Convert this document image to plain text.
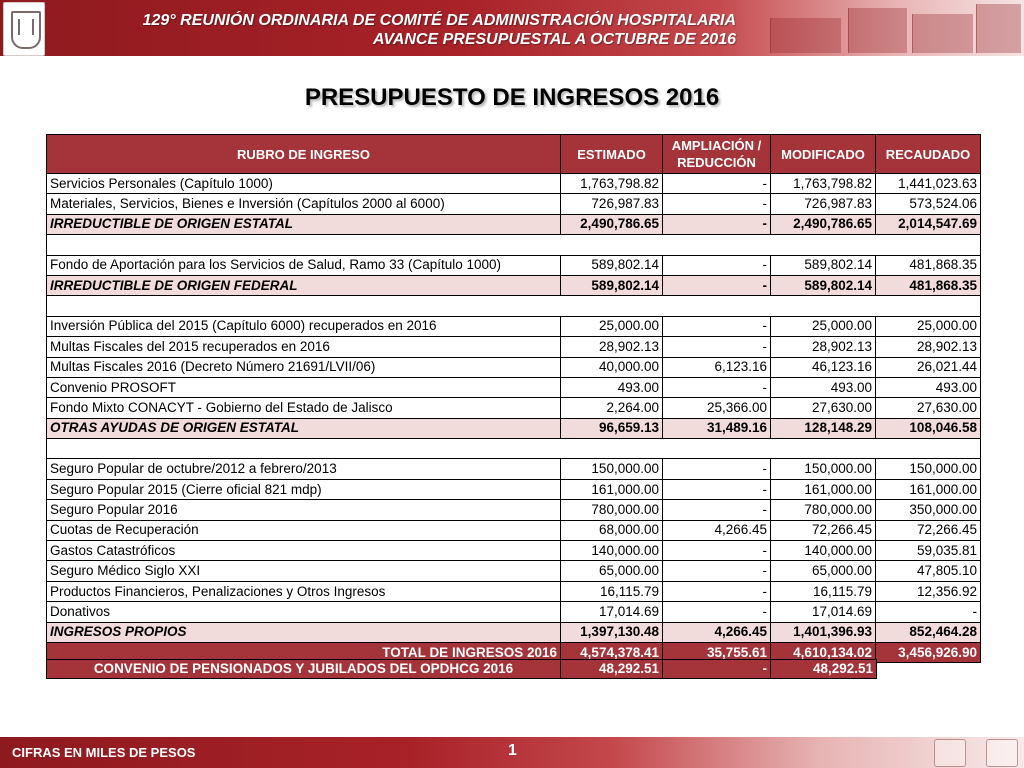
129° REUNIÓN ORDINARIA DE COMITÉ DE ADMINISTRACIÓN HOSPITALARIA
AVANCE PRESUPUESTAL A OCTUBRE DE 2016
PRESUPUESTO DE INGRESOS 2016
RUBRO DE INGRESO	ESTIMADO	AMPLIACIÓN / REDUCCIÓN	MODIFICADO	RECAUDADO
Servicios Personales (Capítulo 1000)	1,763,798.82	-	1,763,798.82	1,441,023.63
Materiales, Servicios, Bienes e Inversión (Capítulos 2000 al 6000)	726,987.83	-	726,987.83	573,524.06
IRREDUCTIBLE DE ORIGEN ESTATAL	2,490,786.65	-	2,490,786.65	2,014,547.69

Fondo de Aportación para los Servicios de Salud, Ramo 33 (Capítulo 1000)	589,802.14	-	589,802.14	481,868.35
IRREDUCTIBLE DE ORIGEN FEDERAL	589,802.14	-	589,802.14	481,868.35

Inversión Pública del 2015 (Capítulo 6000) recuperados en 2016	25,000.00	-	25,000.00	25,000.00
Multas Fiscales del 2015 recuperados en 2016	28,902.13	-	28,902.13	28,902.13
Multas Fiscales 2016 (Decreto Número 21691/LVII/06)	40,000.00	6,123.16	46,123.16	26,021.44
Convenio PROSOFT	493.00	-	493.00	493.00
Fondo Mixto CONACYT - Gobierno del Estado de Jalisco	2,264.00	25,366.00	27,630.00	27,630.00
OTRAS AYUDAS DE ORIGEN ESTATAL	96,659.13	31,489.16	128,148.29	108,046.58

Seguro Popular de octubre/2012 a febrero/2013	150,000.00	-	150,000.00	150,000.00
Seguro Popular 2015 (Cierre oficial 821 mdp)	161,000.00	-	161,000.00	161,000.00
Seguro Popular 2016	780,000.00	-	780,000.00	350,000.00
Cuotas de Recuperación	68,000.00	4,266.45	72,266.45	72,266.45
Gastos Catastróficos	140,000.00	-	140,000.00	59,035.81
Seguro Médico Siglo XXI	65,000.00	-	65,000.00	47,805.10
Productos Financieros, Penalizaciones y Otros Ingresos	16,115.79	-	16,115.79	12,356.92
Donativos	17,014.69	-	17,014.69	-
INGRESOS PROPIOS	1,397,130.48	4,266.45	1,401,396.93	852,464.28
TOTAL DE INGRESOS 2016	4,574,378.41	35,755.61	4,610,134.02	3,456,926.90
CONVENIO DE PENSIONADOS Y JUBILADOS DEL OPDHCG 2016	48,292.51	-	48,292.51
CIFRAS EN MILES DE PESOS	1
